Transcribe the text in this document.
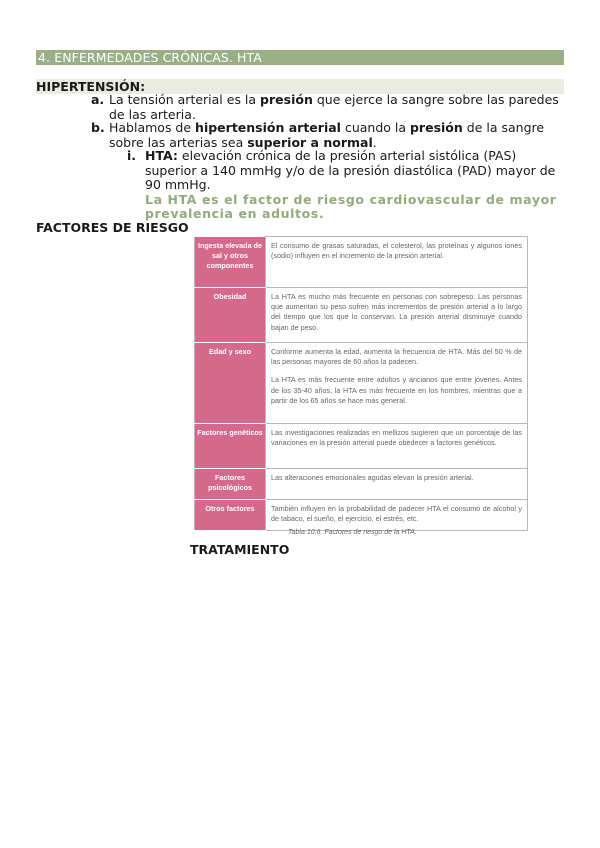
4. ENFERMEDADES CRÓNICAS. HTA
HIPERTENSIÓN:
a. La tensión arterial es la presión que ejerce la sangre sobre las paredes de las arteria.
b. Hablamos de hipertensión arterial cuando la presión de la sangre sobre las arterias sea superior a normal.
i. HTA: elevación crónica de la presión arterial sistólica (PAS) superior a 140 mmHg y/o de la presión diastólica (PAD) mayor de 90 mmHg.
La HTA es el factor de riesgo cardiovascular de mayor prevalencia en adultos.
FACTORES DE RIESGO
Ingesta elevada de sal y otros componentes	El consumo de grasas saturadas, el colesterol, las proteínas y algunos iones (sodio) influyen en el incremento de la presión arterial.

Obesidad	La HTA es mucho más frecuente en personas con sobrepeso. Las personas que aumentan su peso sufren más incrementos de presión arterial a lo largo del tiempo que los que lo conservan. La presión arterial disminuye cuando bajan de peso.

Edad y sexo	Conforme aumenta la edad, aumenta la frecuencia de HTA. Más del 50 % de las personas mayores de 60 años la padecen.

La HTA es más frecuente entre adultos y ancianos que entre jóvenes. Antes de los 35-40 años, la HTA es más frecuente en los hombres, mientras que a partir de los 65 años se hace más general.

Factores genéticos	Las investigaciones realizadas en mellizos sugieren que un porcentaje de las variaciones en la presión arterial puede obedecer a factores genéticos.

Factores psicológicos	Las alteraciones emocionales agudas elevan la presión arterial.

Otros factores	También influyen en la probabilidad de padecer HTA el consumo de alcohol y de tabaco, el sueño, el ejercicio, el estrés, etc.

Tabla 10.6. Factores de riesgo de la HTA.
TRATAMIENTO
